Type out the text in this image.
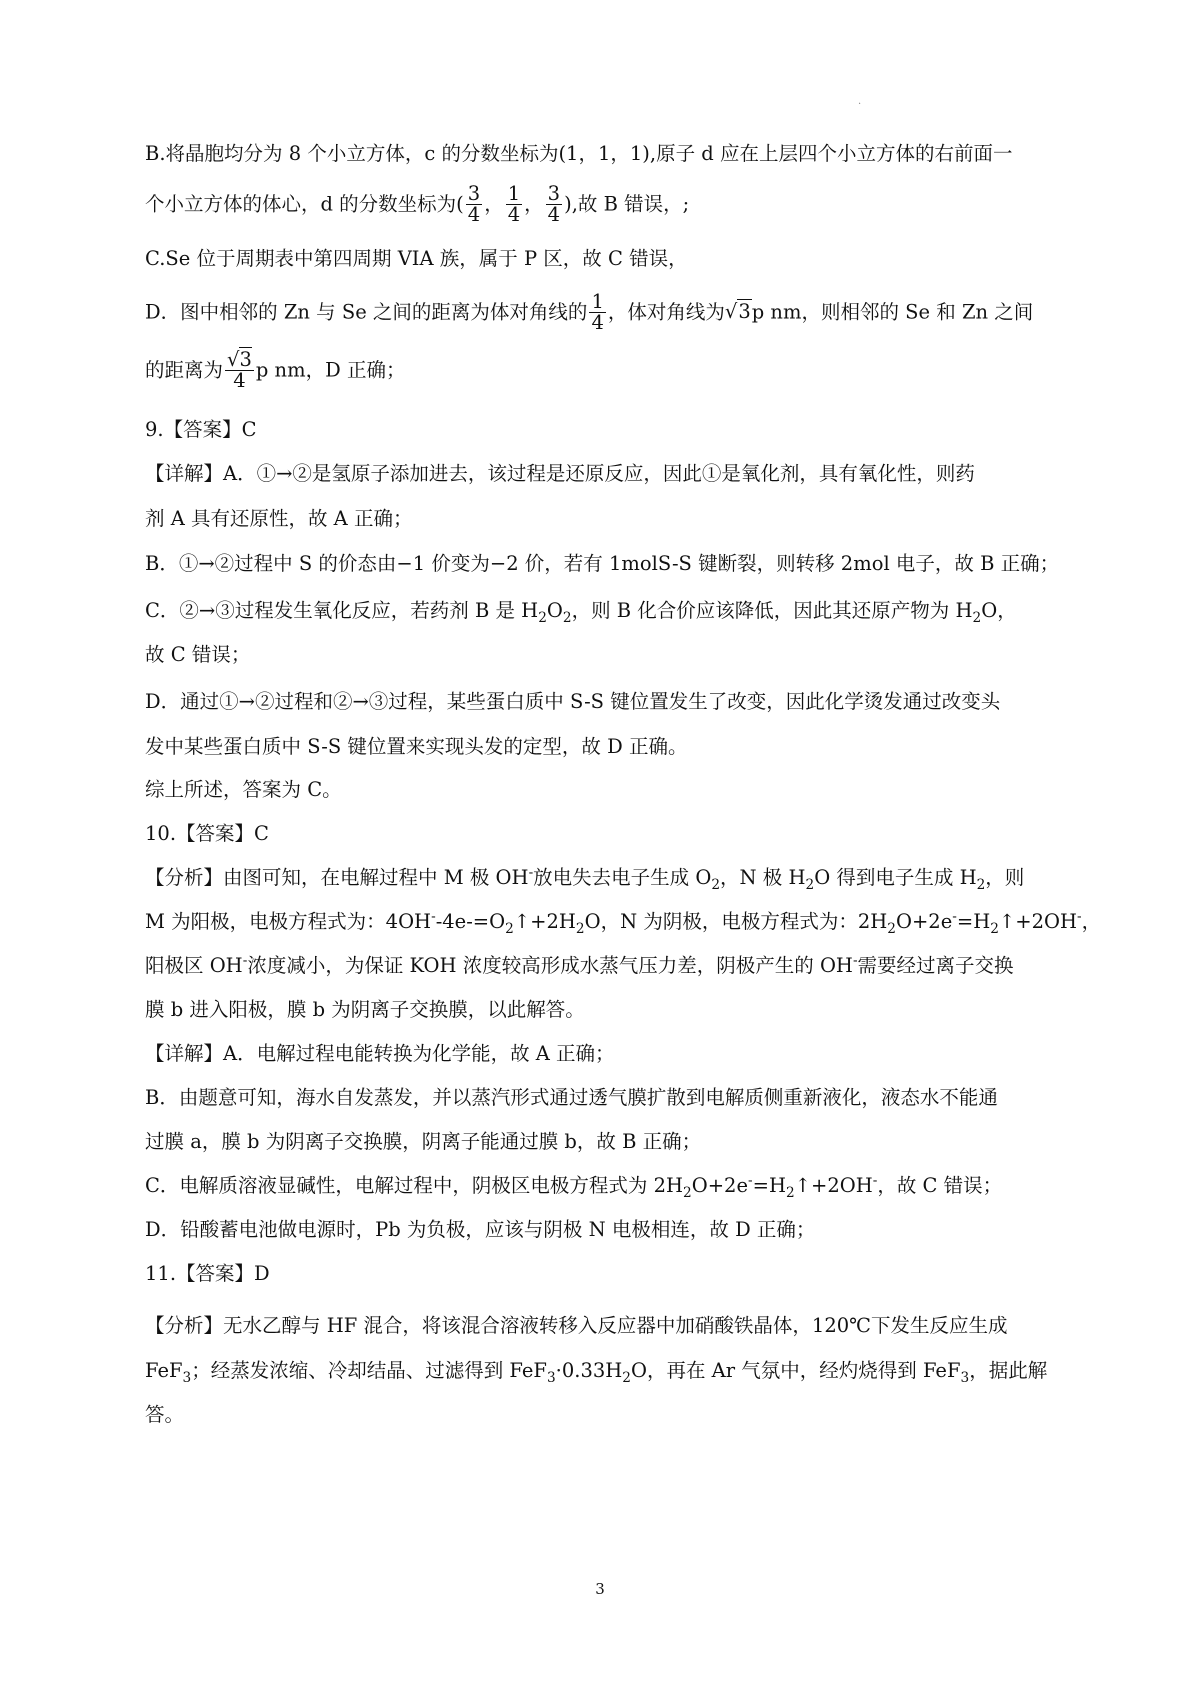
.
B.将晶胞均分为 8 个小立方体，c 的分数坐标为(1，1，1),原子 d 应在上层四个小立方体的右前面一
个小立方体的体心，d 的分数坐标为( $\frac{3}{4}$ ， $\frac{1}{4}$ ， $\frac{3}{4}$ ),故 B 错误，;
C.Se 位于周期表中第四周期 VIA 族，属于 P 区，故 C 错误，
D．图中相邻的 Zn 与 Se 之间的距离为体对角线的 $\frac{1}{4}$ ，体对角线为√3p nm，则相邻的 Se 和 Zn 之间
的距离为 $\frac{√3}{4}$ p nm，D 正确；
9.【答案】C
【详解】A．①→②是氢原子添加进去，该过程是还原反应，因此①是氧化剂，具有氧化性，则药
剂 A 具有还原性，故 A 正确；
B．①→②过程中 S 的价态由−1 价变为−2 价，若有 1molS-S 键断裂，则转移 2mol 电子，故 B 正确；
C．②→③过程发生氧化反应，若药剂 B 是 $H_2O_2$，则 B 化合价应该降低，因此其还原产物为 $H_2O$，
故 C 错误；
D．通过①→②过程和②→③过程，某些蛋白质中 S-S 键位置发生了改变，因此化学烫发通过改变头
发中某些蛋白质中 S-S 键位置来实现头发的定型，故 D 正确。
综上所述，答案为 C。
10.【答案】C
【分析】由图可知，在电解过程中 M 极 OH-放电失去电子生成 $O_2$，N 极 $H_2O$ 得到电子生成 $H_2$，则
M 为阳极，电极方程式为：$4OH^--4e-=O_2↑+2H_2O$，N 为阴极，电极方程式为：$2H_2O+2e^-=H_2↑+2OH^-$，
阳极区 OH-浓度减小，为保证 KOH 浓度较高形成水蒸气压力差，阴极产生的 OH-需要经过离子交换
膜 b 进入阳极，膜 b 为阴离子交换膜，以此解答。
【详解】A．电解过程电能转换为化学能，故 A 正确；
B．由题意可知，海水自发蒸发，并以蒸汽形式通过透气膜扩散到电解质侧重新液化，液态水不能通
过膜 a，膜 b 为阴离子交换膜，阴离子能通过膜 b，故 B 正确；
C．电解质溶液显碱性，电解过程中，阴极区电极方程式为 $2H_2O+2e^-=H_2↑+2OH^-$，故 C 错误；
D．铅酸蓄电池做电源时，Pb 为负极，应该与阴极 N 电极相连，故 D 正确；
11.【答案】D
【分析】无水乙醇与 HF 混合，将该混合溶液转移入反应器中加硝酸铁晶体，120℃下发生反应生成
FeF$_3$；经蒸发浓缩、冷却结晶、过滤得到 $FeF_3\cdot 0.33H_2O$，再在 Ar 气氛中，经灼烧得到 FeF$_3$，据此解
答。
3
